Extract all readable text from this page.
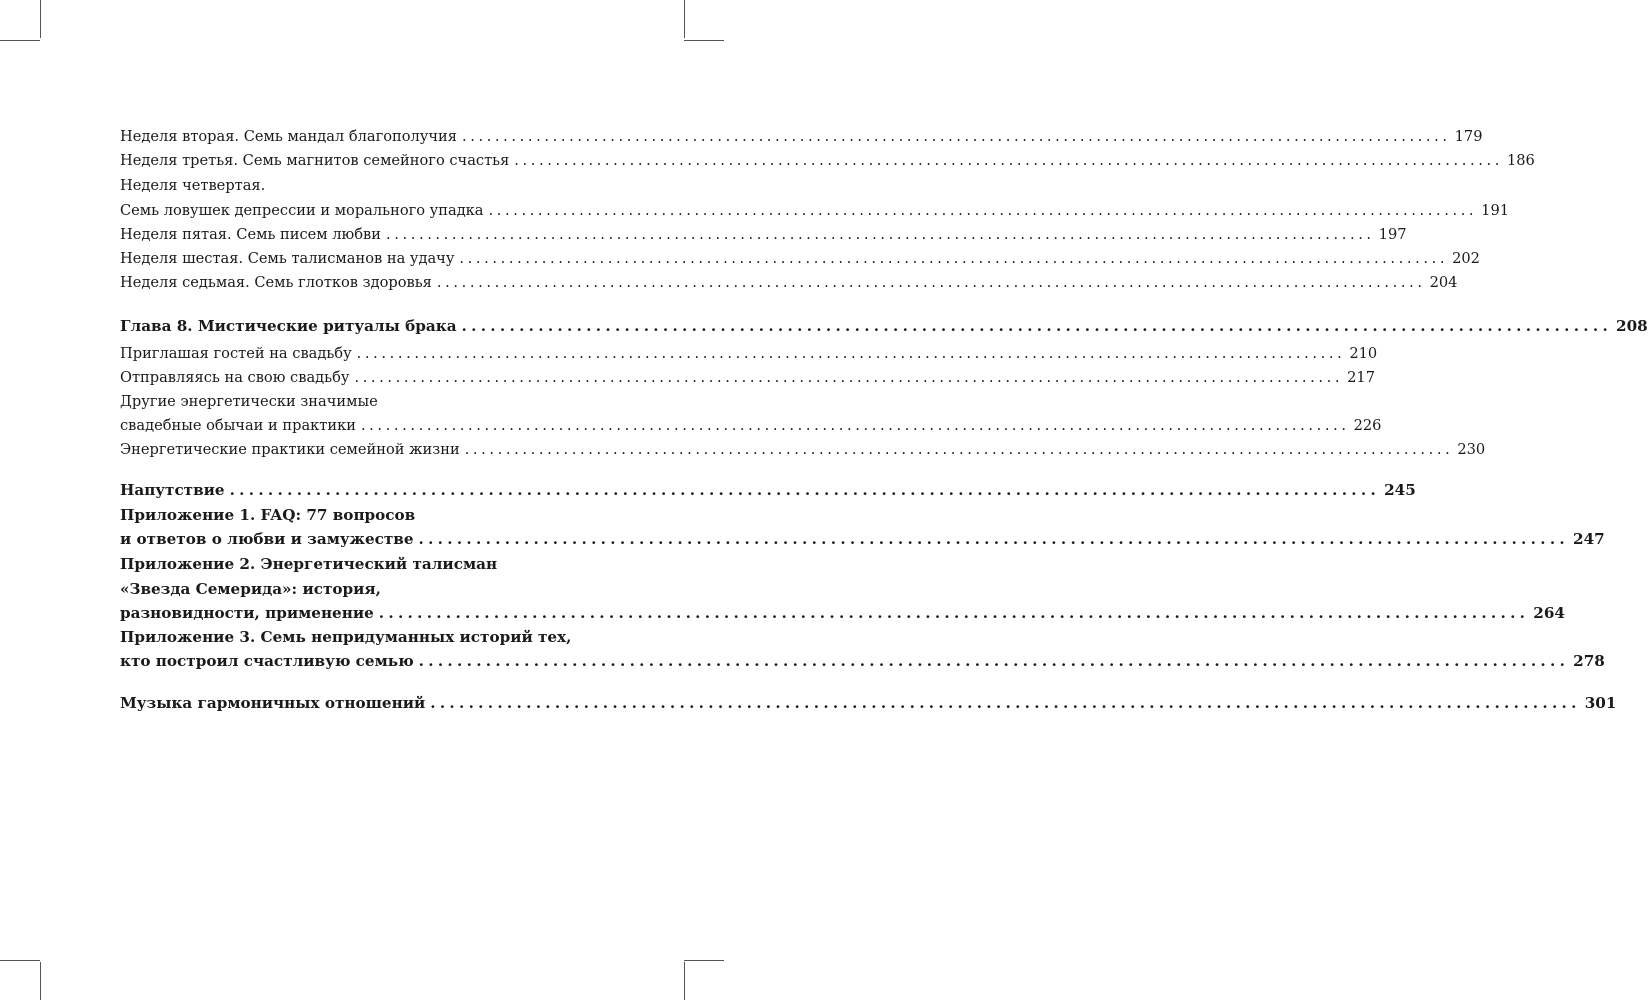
Неделя вторая. Семь мандал благополучия ........................................................................................................................ 179
Неделя третья. Семь магнитов семейного счастья ........................................................................................................................ 186
Неделя четвертая.
Семь ловушек депрессии и морального упадка ........................................................................................................................ 191
Неделя пятая. Семь писем любви ........................................................................................................................ 197
Неделя шестая. Семь талисманов на удачу ........................................................................................................................ 202
Неделя седьмая. Семь глотков здоровья ........................................................................................................................ 204
Глава 8. Мистические ритуалы брака ........................................................................................................................ 208
Приглашая гостей на свадьбу ........................................................................................................................ 210
Отправляясь на свою свадьбу ........................................................................................................................ 217
Другие энергетически значимые
свадебные обычаи и практики ........................................................................................................................ 226
Энергетические практики семейной жизни ........................................................................................................................ 230
Напутствие ........................................................................................................................ 245
Приложение 1. FAQ: 77 вопросов
и ответов о любви и замужестве ........................................................................................................................ 247
Приложение 2. Энергетический талисман
«Звезда Семерида»: история,
разновидности, применение ........................................................................................................................ 264
Приложение 3. Семь непридуманных историй тех,
кто построил счастливую семью ........................................................................................................................ 278
Музыка гармоничных отношений ........................................................................................................................ 301
